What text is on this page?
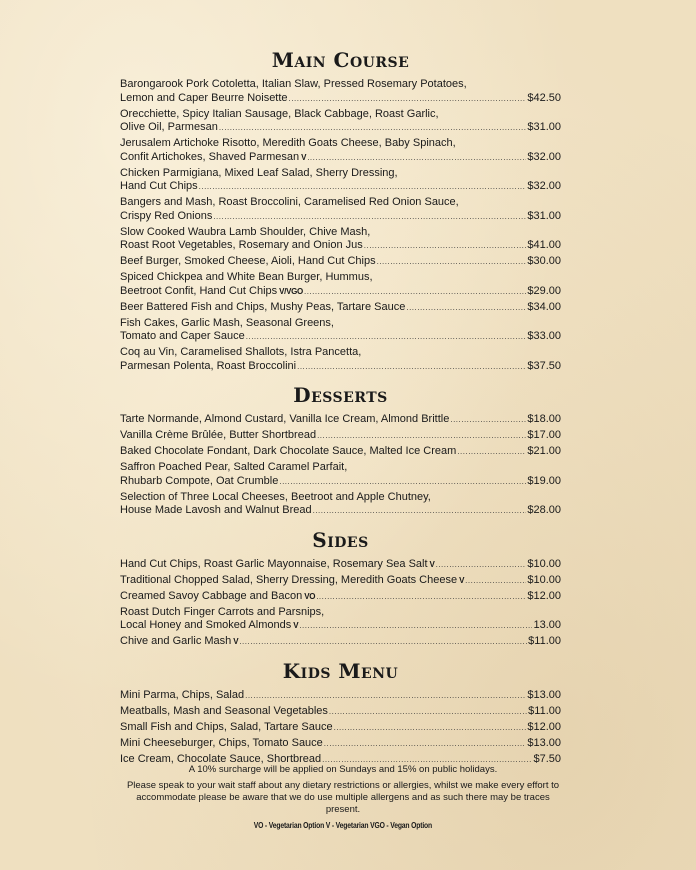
Main Course
Barongarook Pork Cotoletta, Italian Slaw, Pressed Rosemary Potatoes,
Lemon and Caper Beurre Noisette .....	$42.50
Orecchiette, Spicy Italian Sausage, Black Cabbage, Roast Garlic,
Olive Oil, Parmesan .....	$31.00
Jerusalem Artichoke Risotto, Meredith Goats Cheese, Baby Spinach,
Confit Artichokes, Shaved Parmesan V .....	$32.00
Chicken Parmigiana, Mixed Leaf Salad, Sherry Dressing,
Hand Cut Chips .....	$32.00
Bangers and Mash, Roast Broccolini, Caramelised Red Onion Sauce,
Crispy Red Onions .....	$31.00
Slow Cooked Waubra Lamb Shoulder, Chive Mash,
Roast Root Vegetables, Rosemary and Onion Jus .....	$41.00
Beef Burger, Smoked Cheese, Aioli, Hand Cut Chips .....	$30.00
Spiced Chickpea and White Bean Burger, Hummus,
Beetroot Confit, Hand Cut Chips V/VGO .....	$29.00
Beer Battered Fish and Chips, Mushy Peas, Tartare Sauce .....	$34.00
Fish Cakes, Garlic Mash, Seasonal Greens,
Tomato and Caper Sauce .....	$33.00
Coq au Vin, Caramelised Shallots, Istra Pancetta,
Parmesan Polenta, Roast Broccolini .....	$37.50
Desserts
Tarte Normande, Almond Custard, Vanilla Ice Cream, Almond Brittle .....	$18.00
Vanilla Crème Brûlée, Butter Shortbread .....	$17.00
Baked Chocolate Fondant, Dark Chocolate Sauce, Malted Ice Cream .....	$21.00
Saffron Poached Pear, Salted Caramel Parfait,
Rhubarb Compote, Oat Crumble .....	$19.00
Selection of Three Local Cheeses, Beetroot and Apple Chutney,
House Made Lavosh and Walnut Bread .....	$28.00
Sides
Hand Cut Chips, Roast Garlic Mayonnaise, Rosemary Sea Salt V .....	$10.00
Traditional Chopped Salad, Sherry Dressing, Meredith Goats Cheese V .....	$10.00
Creamed Savoy Cabbage and Bacon VO .....	$12.00
Roast Dutch Finger Carrots and Parsnips,
Local Honey and Smoked Almonds V .....	13.00
Chive and Garlic Mash V .....	$11.00
Kids Menu
Mini Parma, Chips, Salad .....	$13.00
Meatballs, Mash and Seasonal Vegetables .....	$11.00
Small Fish and Chips, Salad, Tartare Sauce .....	$12.00
Mini Cheeseburger, Chips, Tomato Sauce .....	$13.00
Ice Cream, Chocolate Sauce, Shortbread .....	$7.50

A 10% surcharge will be applied on Sundays and 15% on public holidays.

Please speak to your wait staff about any dietary restrictions or allergies, whilst we make every effort to accommodate please be aware that we do use multiple allergens and as such there may be traces present.

VO - Vegetarian Option V - Vegetarian VGO - Vegan Option
